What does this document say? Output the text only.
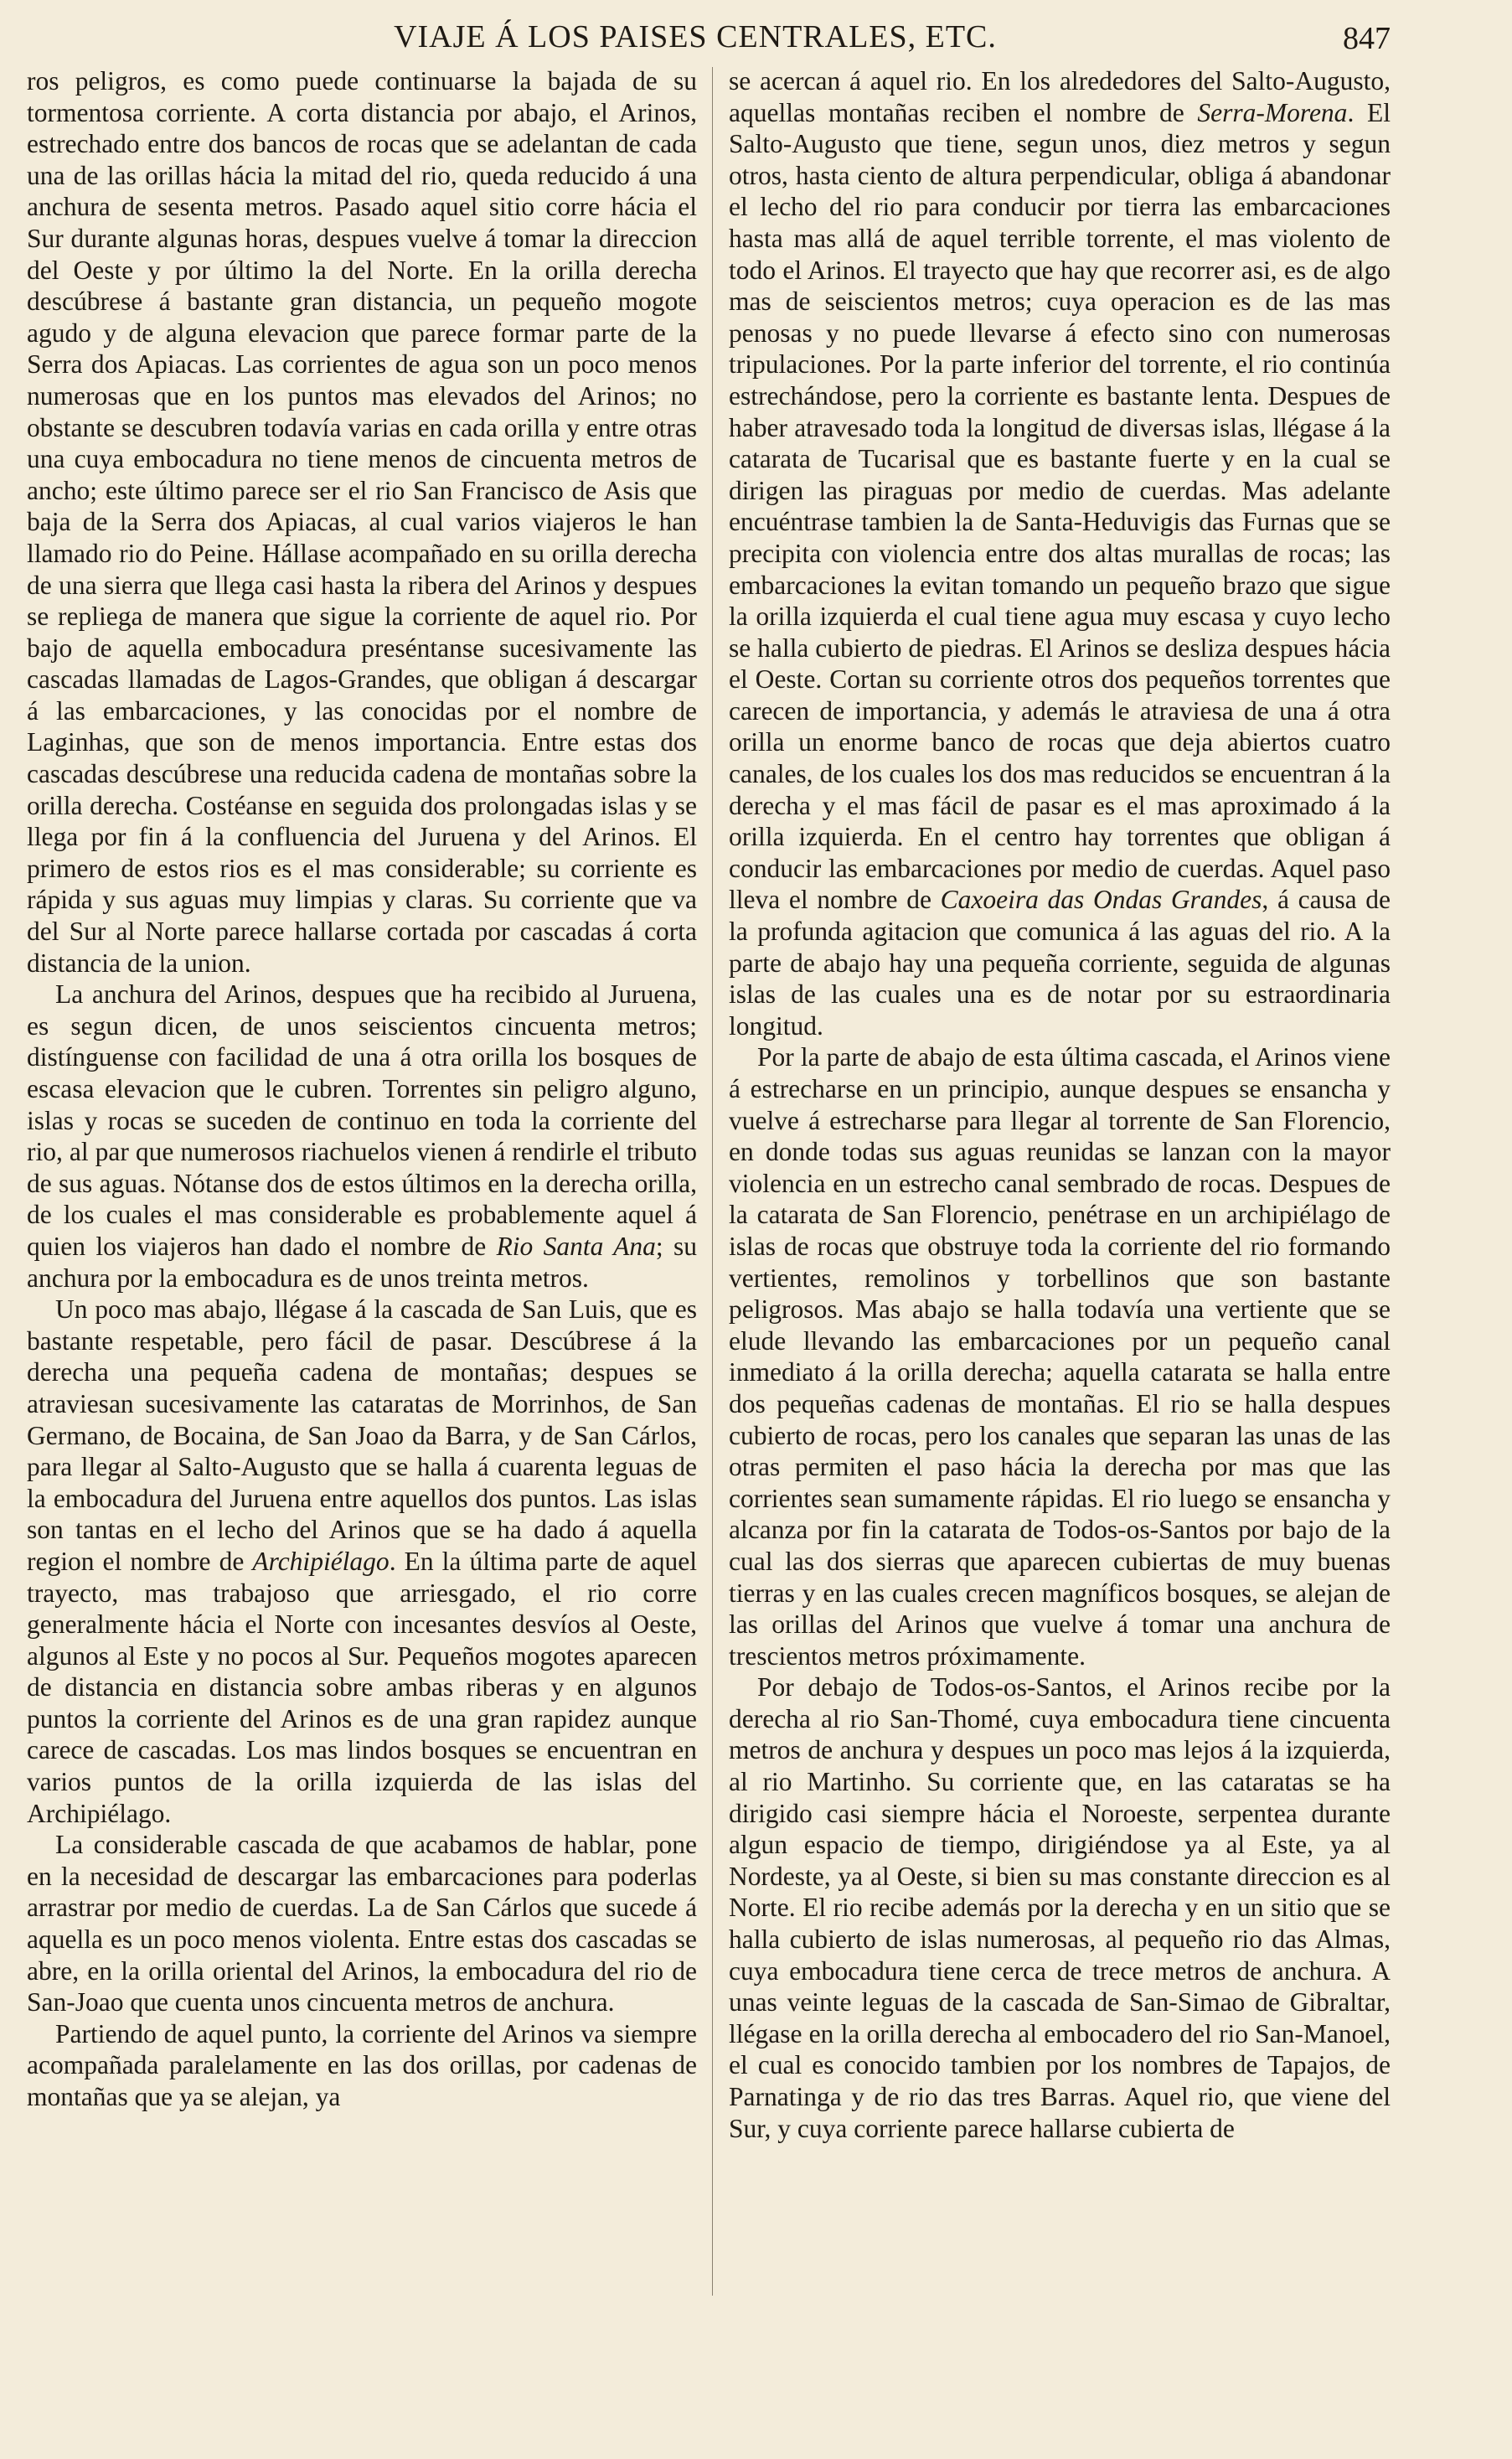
VIAJE Á LOS PAISES CENTRALES, ETC.	847

ros peligros, es como puede continuarse la bajada de su tormentosa corriente. A corta distancia por abajo, el Arinos, estrechado entre dos bancos de rocas que se adelantan de cada una de las orillas hácia la mitad del rio, queda reducido á una anchura de sesenta metros. Pasado aquel sitio corre hácia el Sur durante algunas horas, despues vuelve á tomar la direccion del Oeste y por último la del Norte. En la orilla derecha descúbrese á bastante gran distancia, un pequeño mogote agudo y de alguna elevacion que parece formar parte de la Serra dos Apiacas. Las corrientes de agua son un poco menos numerosas que en los puntos mas elevados del Arinos; no obstante se descubren todavía varias en cada orilla y entre otras una cuya embocadura no tiene menos de cincuenta metros de ancho; este último parece ser el rio San Francisco de Asis que baja de la Serra dos Apiacas, al cual varios viajeros le han llamado rio do Peine. Hállase acompañado en su orilla derecha de una sierra que llega casi hasta la ribera del Arinos y despues se repliega de manera que sigue la corriente de aquel rio. Por bajo de aquella embocadura preséntanse sucesivamente las cascadas llamadas de Lagos-Grandes, que obligan á descargar á las embarcaciones, y las conocidas por el nombre de Laginhas, que son de menos importancia. Entre estas dos cascadas descúbrese una reducida cadena de montañas sobre la orilla derecha. Costéanse en seguida dos prolongadas islas y se llega por fin á la confluencia del Juruena y del Arinos. El primero de estos rios es el mas considerable; su corriente es rápida y sus aguas muy limpias y claras. Su corriente que va del Sur al Norte parece hallarse cortada por cascadas á corta distancia de la union.

La anchura del Arinos, despues que ha recibido al Juruena, es segun dicen, de unos seiscientos cincuenta metros; distínguense con facilidad de una á otra orilla los bosques de escasa elevacion que le cubren. Torrentes sin peligro alguno, islas y rocas se suceden de continuo en toda la corriente del rio, al par que numerosos riachuelos vienen á rendirle el tributo de sus aguas. Nótanse dos de estos últimos en la derecha orilla, de los cuales el mas considerable es probablemente aquel á quien los viajeros han dado el nombre de Rio Santa Ana; su anchura por la embocadura es de unos treinta metros.

Un poco mas abajo, llégase á la cascada de San Luis, que es bastante respetable, pero fácil de pasar. Descúbrese á la derecha una pequeña cadena de montañas; despues se atraviesan sucesivamente las cataratas de Morrinhos, de San Germano, de Bocaina, de San Joao da Barra, y de San Cárlos, para llegar al Salto-Augusto que se halla á cuarenta leguas de la embocadura del Juruena entre aquellos dos puntos. Las islas son tantas en el lecho del Arinos que se ha dado á aquella region el nombre de Archipiélago. En la última parte de aquel trayecto, mas trabajoso que arriesgado, el rio corre generalmente hácia el Norte con incesantes desvíos al Oeste, algunos al Este y no pocos al Sur. Pequeños mogotes aparecen de distancia en distancia sobre ambas riberas y en algunos puntos la corriente del Arinos es de una gran rapidez aunque carece de cascadas. Los mas lindos bosques se encuentran en varios puntos de la orilla izquierda de las islas del Archipiélago.

La considerable cascada de que acabamos de hablar, pone en la necesidad de descargar las embarcaciones para poderlas arrastrar por medio de cuerdas. La de San Cárlos que sucede á aquella es un poco menos violenta. Entre estas dos cascadas se abre, en la orilla oriental del Arinos, la embocadura del rio de San-Joao que cuenta unos cincuenta metros de anchura.

Partiendo de aquel punto, la corriente del Arinos va siempre acompañada paralelamente en las dos orillas, por cadenas de montañas que ya se alejan, ya

se acercan á aquel rio. En los alrededores del Salto-Augusto, aquellas montañas reciben el nombre de Serra-Morena. El Salto-Augusto que tiene, segun unos, diez metros y segun otros, hasta ciento de altura perpendicular, obliga á abandonar el lecho del rio para conducir por tierra las embarcaciones hasta mas allá de aquel terrible torrente, el mas violento de todo el Arinos. El trayecto que hay que recorrer asi, es de algo mas de seiscientos metros; cuya operacion es de las mas penosas y no puede llevarse á efecto sino con numerosas tripulaciones. Por la parte inferior del torrente, el rio continúa estrechándose, pero la corriente es bastante lenta. Despues de haber atravesado toda la longitud de diversas islas, llégase á la catarata de Tucarisal que es bastante fuerte y en la cual se dirigen las piraguas por medio de cuerdas. Mas adelante encuéntrase tambien la de Santa-Heduvigis das Furnas que se precipita con violencia entre dos altas murallas de rocas; las embarcaciones la evitan tomando un pequeño brazo que sigue la orilla izquierda el cual tiene agua muy escasa y cuyo lecho se halla cubierto de piedras. El Arinos se desliza despues hácia el Oeste. Cortan su corriente otros dos pequeños torrentes que carecen de importancia, y además le atraviesa de una á otra orilla un enorme banco de rocas que deja abiertos cuatro canales, de los cuales los dos mas reducidos se encuentran á la derecha y el mas fácil de pasar es el mas aproximado á la orilla izquierda. En el centro hay torrentes que obligan á conducir las embarcaciones por medio de cuerdas. Aquel paso lleva el nombre de Caxoeira das Ondas Grandes, á causa de la profunda agitacion que comunica á las aguas del rio. A la parte de abajo hay una pequeña corriente, seguida de algunas islas de las cuales una es de notar por su estraordinaria longitud.

Por la parte de abajo de esta última cascada, el Arinos viene á estrecharse en un principio, aunque despues se ensancha y vuelve á estrecharse para llegar al torrente de San Florencio, en donde todas sus aguas reunidas se lanzan con la mayor violencia en un estrecho canal sembrado de rocas. Despues de la catarata de San Florencio, penétrase en un archipiélago de islas de rocas que obstruye toda la corriente del rio formando vertientes, remolinos y torbellinos que son bastante peligrosos. Mas abajo se halla todavía una vertiente que se elude llevando las embarcaciones por un pequeño canal inmediato á la orilla derecha; aquella catarata se halla entre dos pequeñas cadenas de montañas. El rio se halla despues cubierto de rocas, pero los canales que separan las unas de las otras permiten el paso hácia la derecha por mas que las corrientes sean sumamente rápidas. El rio luego se ensancha y alcanza por fin la catarata de Todos-os-Santos por bajo de la cual las dos sierras que aparecen cubiertas de muy buenas tierras y en las cuales crecen magníficos bosques, se alejan de las orillas del Arinos que vuelve á tomar una anchura de trescientos metros próximamente.

Por debajo de Todos-os-Santos, el Arinos recibe por la derecha al rio San-Thomé, cuya embocadura tiene cincuenta metros de anchura y despues un poco mas lejos á la izquierda, al rio Martinho. Su corriente que, en las cataratas se ha dirigido casi siempre hácia el Noroeste, serpentea durante algun espacio de tiempo, dirigiéndose ya al Este, ya al Nordeste, ya al Oeste, si bien su mas constante direccion es al Norte. El rio recibe además por la derecha y en un sitio que se halla cubierto de islas numerosas, al pequeño rio das Almas, cuya embocadura tiene cerca de trece metros de anchura. A unas veinte leguas de la cascada de San-Simao de Gibraltar, llégase en la orilla derecha al embocadero del rio San-Manoel, el cual es conocido tambien por los nombres de Tapajos, de Parnatinga y de rio das tres Barras. Aquel rio, que viene del Sur, y cuya corriente parece hallarse cubierta de
